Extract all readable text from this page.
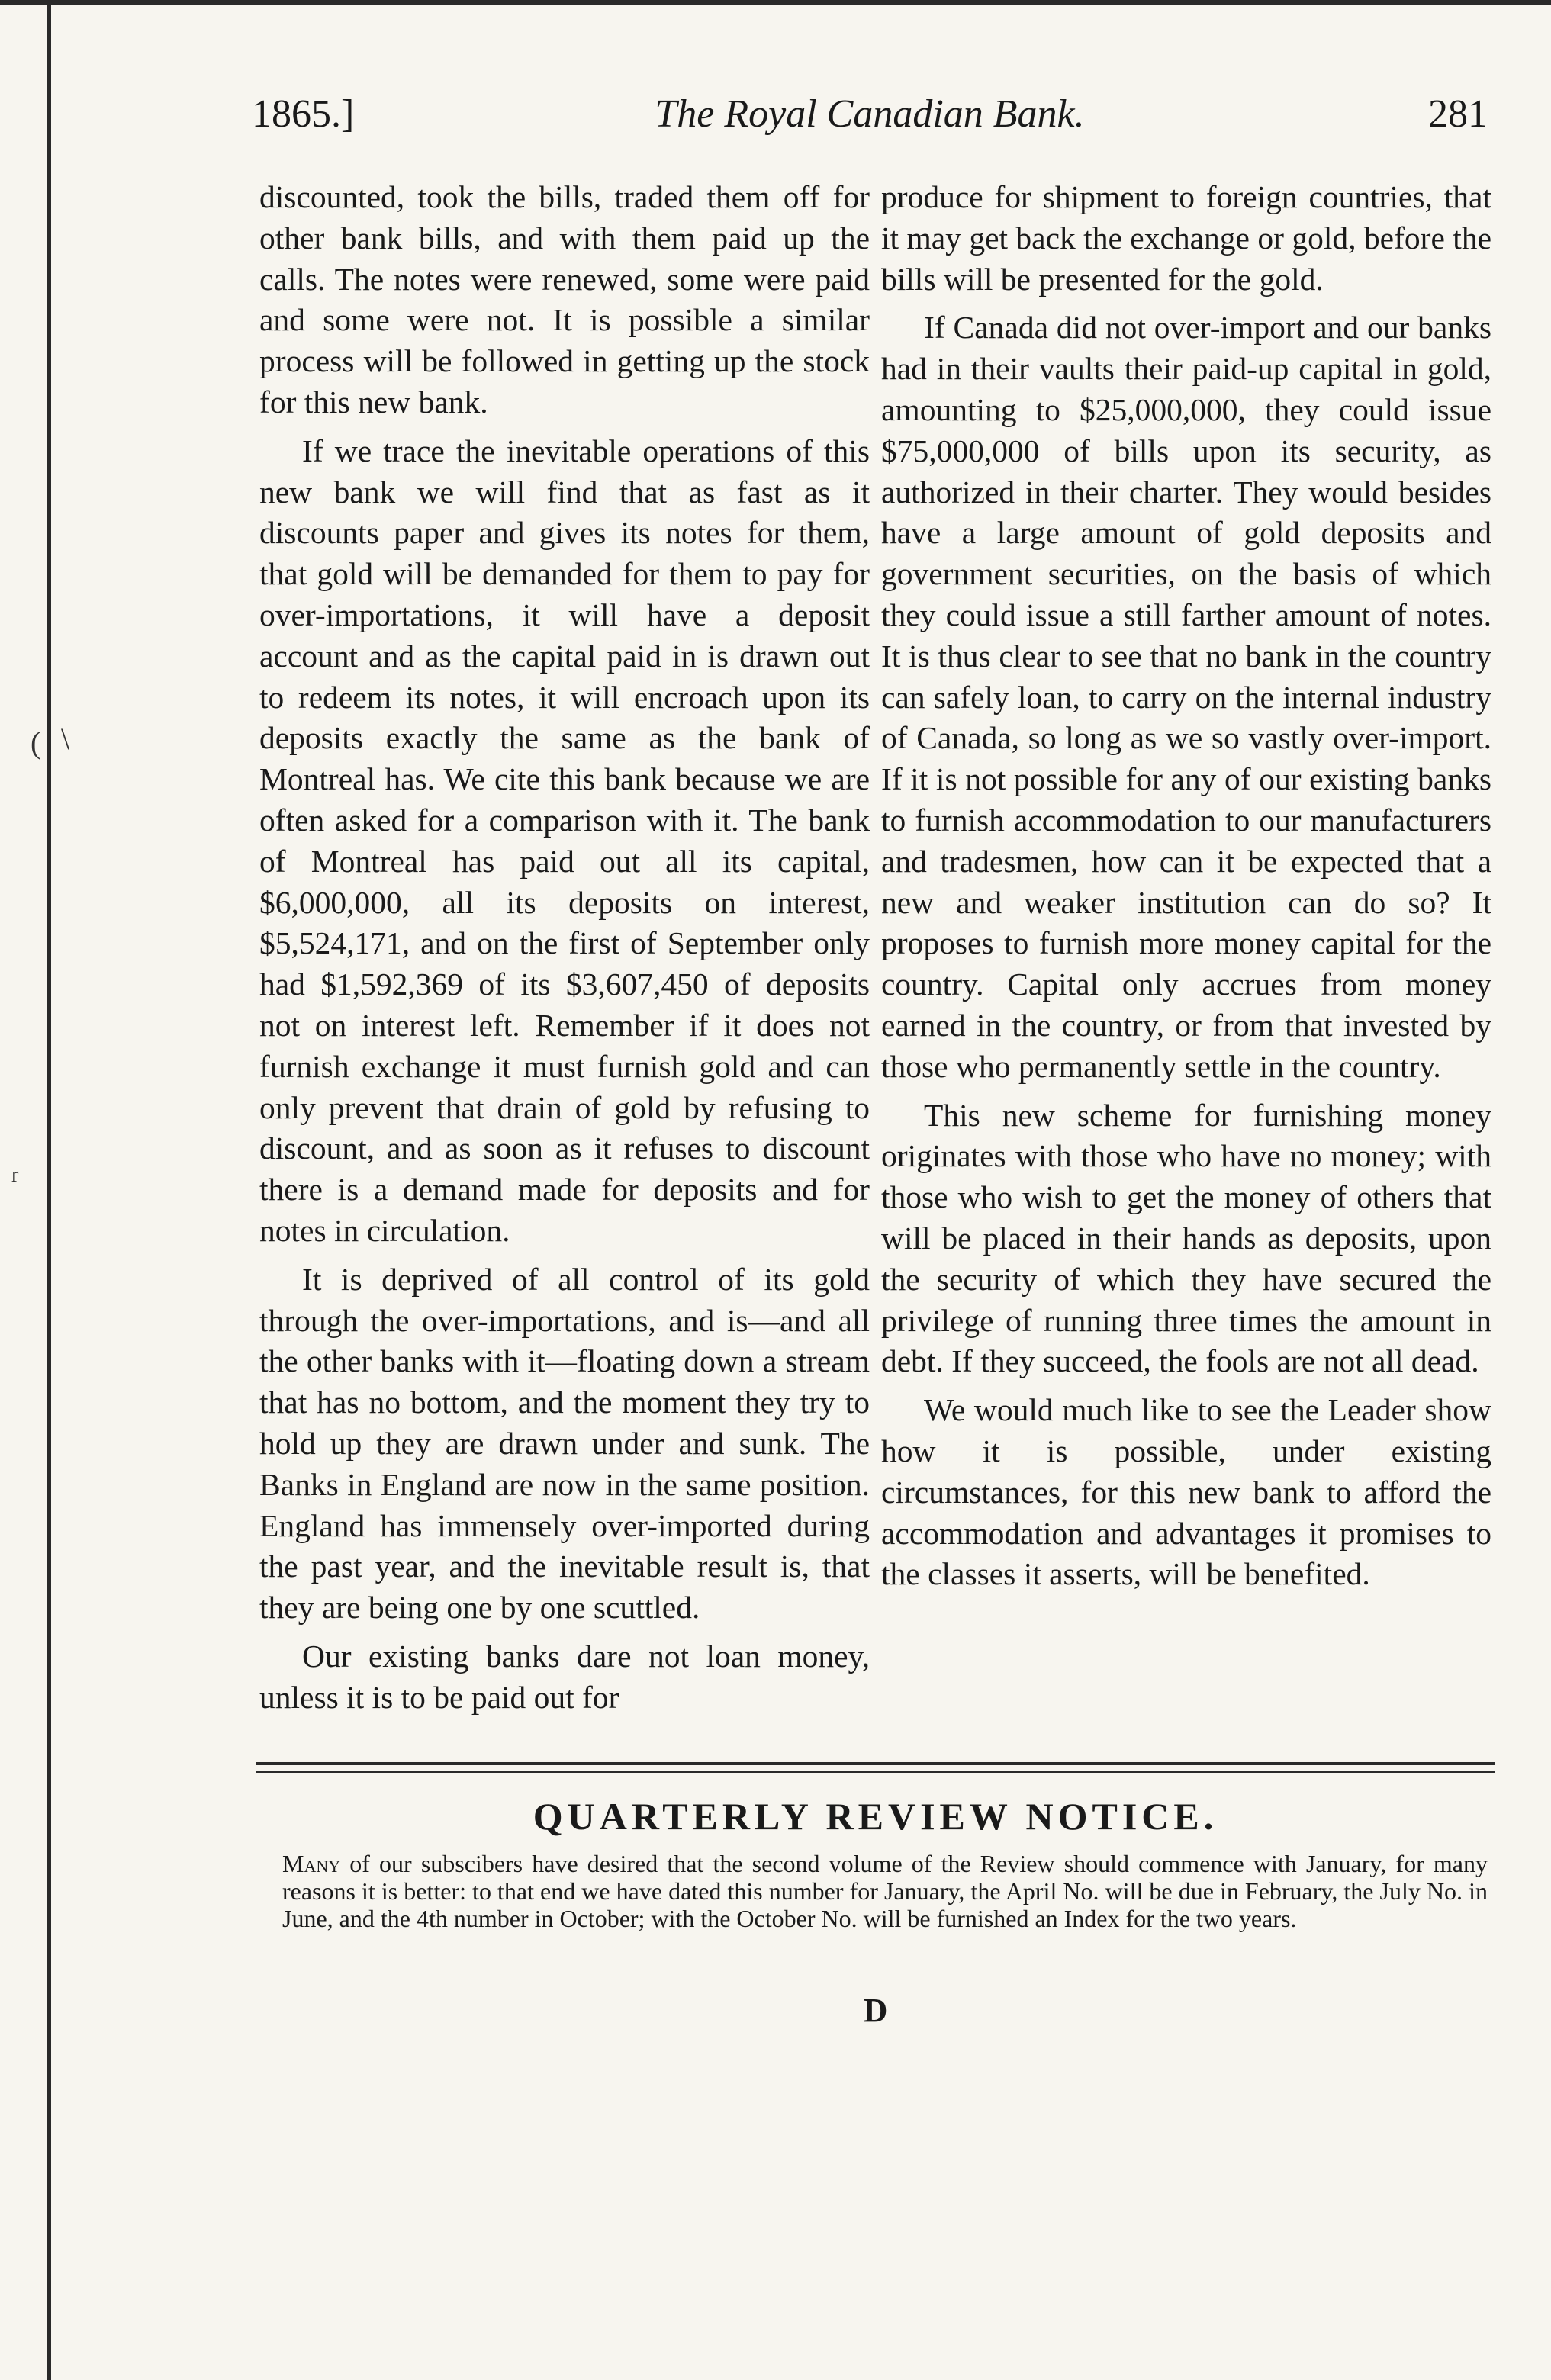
( \
r
The Royal Canadian Bank.
1865.]	281

discounted, took the bills, traded them off for other bank bills, and with them paid up the calls. The notes were renewed, some were paid and some were not. It is possible a similar process will be followed in getting up the stock for this new bank.

If we trace the inevitable operations of this new bank we will find that as fast as it discounts paper and gives its notes for them, that gold will be demanded for them to pay for over-importations, it will have a deposit account and as the capital paid in is drawn out to redeem its notes, it will encroach upon its deposits exactly the same as the bank of Montreal has. We cite this bank because we are often asked for a comparison with it. The bank of Montreal has paid out all its capital, $6,000,000, all its deposits on interest, $5,524,171, and on the first of September only had $1,592,369 of its $3,607,450 of deposits not on interest left. Remember if it does not furnish exchange it must furnish gold and can only prevent that drain of gold by refusing to discount, and as soon as it refuses to discount there is a demand made for deposits and for notes in circulation.

It is deprived of all control of its gold through the over-importations, and is—and all the other banks with it—floating down a stream that has no bottom, and the moment they try to hold up they are drawn under and sunk. The Banks in England are now in the same position. England has immensely over-imported during the past year, and the inevitable result is, that they are being one by one scuttled.

Our existing banks dare not loan money, unless it is to be paid out for

produce for shipment to foreign countries, that it may get back the exchange or gold, before the bills will be presented for the gold.

If Canada did not over-import and our banks had in their vaults their paid-up capital in gold, amounting to $25,000,000, they could issue $75,000,000 of bills upon its security, as authorized in their charter. They would besides have a large amount of gold deposits and government securities, on the basis of which they could issue a still farther amount of notes. It is thus clear to see that no bank in the country can safely loan, to carry on the internal industry of Canada, so long as we so vastly over-import. If it is not possible for any of our existing banks to furnish accommodation to our manufacturers and tradesmen, how can it be expected that a new and weaker institution can do so? It proposes to furnish more money capital for the country. Capital only accrues from money earned in the country, or from that invested by those who permanently settle in the country.

This new scheme for furnishing money originates with those who have no money; with those who wish to get the money of others that will be placed in their hands as deposits, upon the security of which they have secured the privilege of running three times the amount in debt. If they succeed, the fools are not all dead.

We would much like to see the Leader show how it is possible, under existing circumstances, for this new bank to afford the accommodation and advantages it promises to the classes it asserts, will be benefited.

QUARTERLY REVIEW NOTICE.
Many of our subscibers have desired that the second volume of the Review should commence with January, for many reasons it is better: to that end we have dated this number for January, the April No. will be due in February, the July No. in June, and the 4th number in October; with the October No. will be furnished an Index for the two years.
D
